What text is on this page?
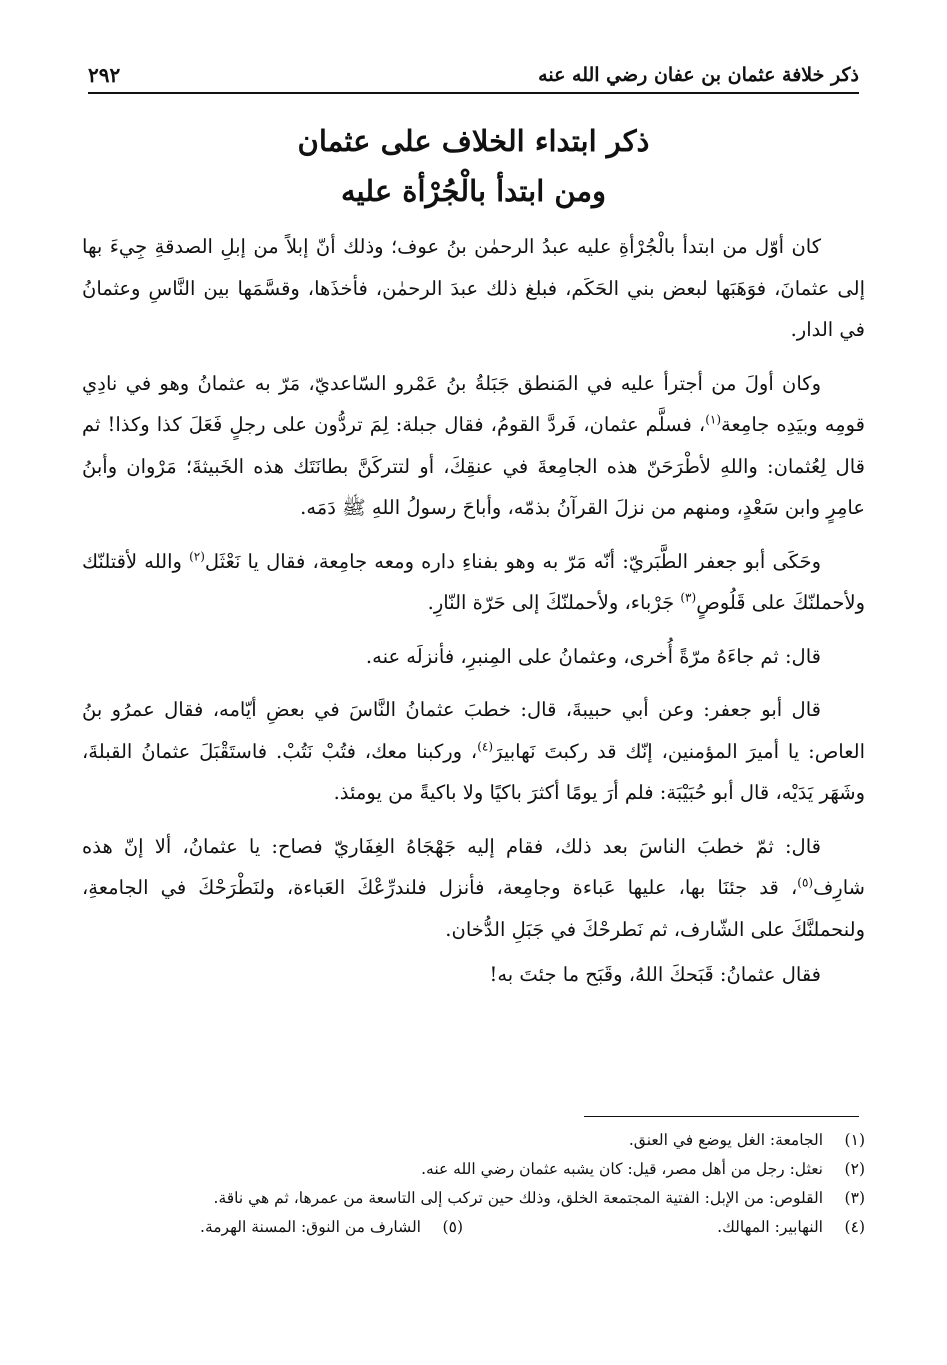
ذكر خلافة عثمان بن عفان رضي الله عنه
٢٩٢
ذكر ابتداء الخلاف على عثمان
ومن ابتدأ بالْجُرْأة عليه

كان أوّل من ابتدأ بالْجُرْأةِ عليه عبدُ الرحمٰن بنُ عوف؛ وذلك أنّ إبلاً من إبلِ الصدقةِ جِيءَ بها إلى عثمانَ، فوَهَبَها لبعض بني الحَكَم، فبلغ ذلك عبدَ الرحمٰن، فأخذَها، وقسَّمَها بين النَّاسِ وعثمانُ في الدار.

وكان أولَ من أجترأ عليه في المَنطق جَبَلةُ بنُ عَمْرو السّاعديّ، مَرّ به عثمانُ وهو في نادِي قومِه وبيَدِه جامِعة$^{(١)}$، فسلَّم عثمان، فَردَّ القومُ، فقال جبلة: لِمَ تردُّون على رجلٍ فَعَلَ كذا وكذا! ثم قال لِعُثمان: واللهِ لأطْرَحَنّ هذه الجامِعةَ في عنقِكَ، أو لتتركَنَّ بطانَتَك هذه الخَبيثةَ؛ مَرْوان وأبنُ عامِرٍ وابن سَعْدٍ، ومنهم من نزلَ القرآنُ بذمّه، وأباحَ رسولُ اللهِ ﷺ دَمَه.

وحَكَى أبو جعفر الطَّبَريّ: أنّه مَرّ به وهو بفناءِ داره ومعه جامِعة، فقال يا نَعْثَل$^{(٢)}$ والله لأقتلنّك ولأحملنّكَ على قَلُوصٍ$^{(٣)}$ جَرْباء، ولأحملنّكَ إلى حَرّة النّارِ.

قال: ثم جاءَهُ مرّةً أُخرى، وعثمانُ على المِنبرِ، فأنزلَه عنه.

قال أبو جعفر: وعن أبي حبيبةَ، قال: خطبَ عثمانُ النَّاسَ في بعضِ أيّامه، فقال عمرُو بنُ العاص: يا أميرَ المؤمنين، إنّك قد ركبتَ نَهابيرَ$^{(٤)}$، وركبنا معك، فتُبْ نَتُبْ. فاستَقْبَلَ عثمانُ القبلةَ، وشَهَر يَدَيْه، قال أبو حُبَيْبَة: فلم أرَ يومًا أكثرَ باكيًا ولا باكيةً من يومئذ.

قال: ثمّ خطبَ الناسَ بعد ذلك، فقام إليه جَهْجَاهُ الغِفَاريّ فصاح: يا عثمانُ، ألا إنّ هذه شارِف$^{(٥)}$، قد جئنَا بها، عليها عَباءة وجامِعة، فأنزل فلندرِّعْكَ العَباءة، ولنَطْرَحْكَ في الجامعةِ، ولنحملنَّكَ على الشّارف، ثم نَطرحْكَ في جَبَلِ الدُّخان.

فقال عثمانُ: قَبَحكَ اللهُ، وقَبَح ما جئتَ به!

(١)
الجامعة: الغل يوضع في العنق.
(٢)
نعثل: رجل من أهل مصر، قيل: كان يشبه عثمان رضي الله عنه.
(٣)
القلوص: من الإبل: الفتية المجتمعة الخلق، وذلك حين تركب إلى التاسعة من عمرها، ثم هي ناقة.
(٤)
النهابير: المهالك.
(٥)
الشارف من النوق: المسنة الهرمة.
